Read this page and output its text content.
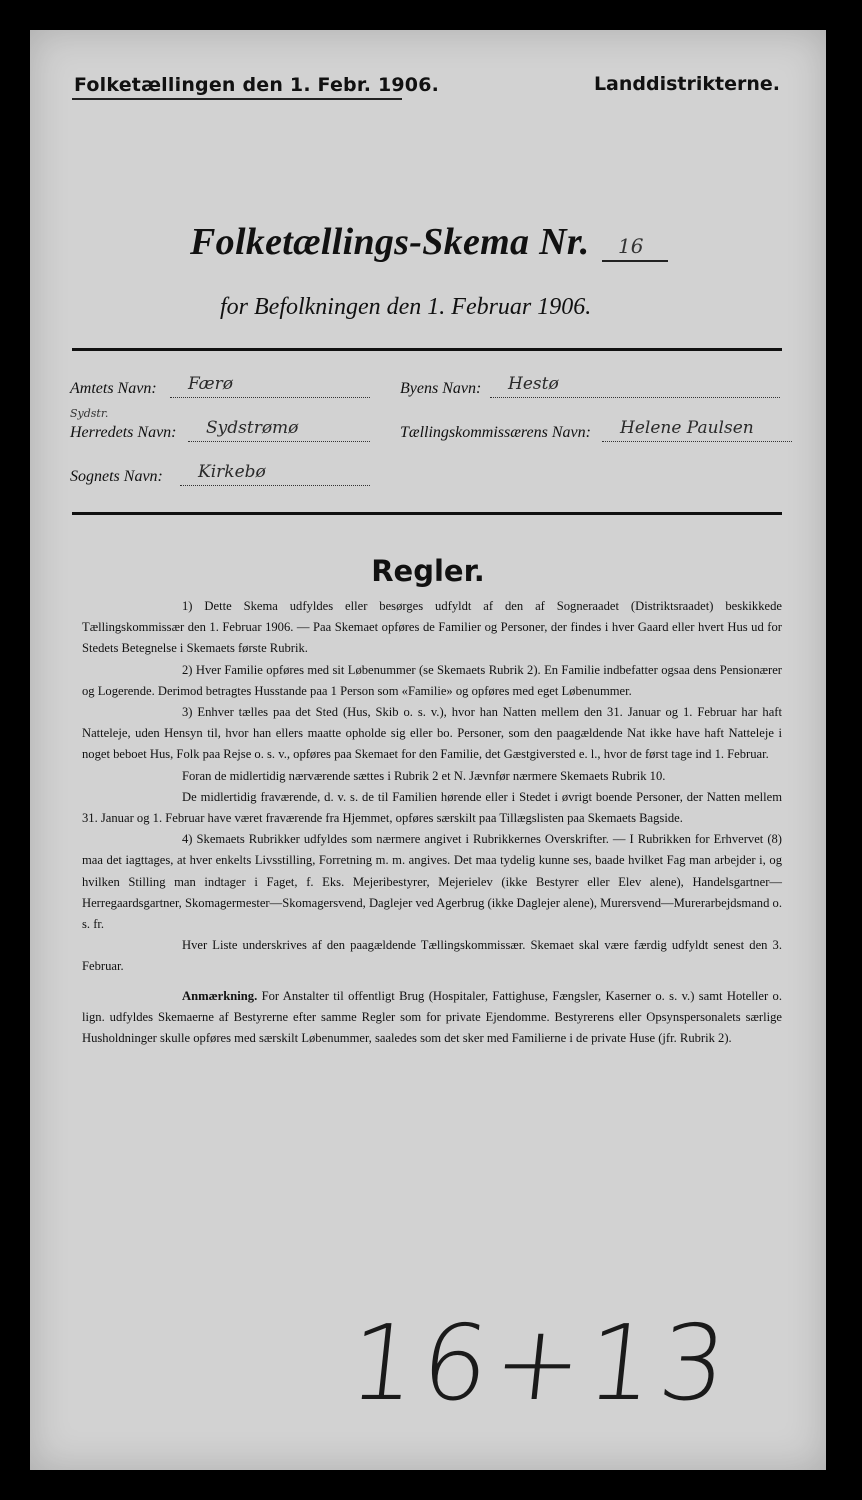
Folketællingen den 1. Febr. 1906.	Landdistrikterne.
Folketællings-Skema Nr.	16
for Befolkningen den 1. Februar 1906.
Amtets Navn:	Færø	Byens Navn:	Hestø
Sydstr.
Herredets Navn:	Sydstrømø	Tællingskommissærens Navn:	Helene Paulsen
Sognets Navn:	Kirkebø
Regler.

1) Dette Skema udfyldes eller besørges udfyldt af den af Sogneraadet (Distriktsraadet) beskikkede Tællingskommissær den 1. Februar 1906. — Paa Skemaet opføres de Familier og Personer, der findes i hver Gaard eller hvert Hus ud for Stedets Betegnelse i Skemaets første Rubrik.

2) Hver Familie opføres med sit Løbenummer (se Skemaets Rubrik 2). En Familie indbefatter ogsaa dens Pensionærer og Logerende. Derimod betragtes Husstande paa 1 Person som «Familie» og opføres med eget Løbenummer.

3) Enhver tælles paa det Sted (Hus, Skib o. s. v.), hvor han Natten mellem den 31. Januar og 1. Februar har haft Natteleje, uden Hensyn til, hvor han ellers maatte opholde sig eller bo. Personer, som den paagældende Nat ikke have haft Natteleje i noget beboet Hus, Folk paa Rejse o. s. v., opføres paa Skemaet for den Familie, det Gæstgiversted e. l., hvor de først tage ind 1. Februar.

Foran de midlertidig nærværende sættes i Rubrik 2 et N. Jævnfør nærmere Skemaets Rubrik 10.

De midlertidig fraværende, d. v. s. de til Familien hørende eller i Stedet i øvrigt boende Personer, der Natten mellem 31. Januar og 1. Februar have været fraværende fra Hjemmet, opføres særskilt paa Tillægslisten paa Skemaets Bagside.

4) Skemaets Rubrikker udfyldes som nærmere angivet i Rubrikkernes Overskrifter. — I Rubrikken for Erhvervet (8) maa det iagttages, at hver enkelts Livsstilling, Forretning m. m. angives. Det maa tydelig kunne ses, baade hvilket Fag man arbejder i, og hvilken Stilling man indtager i Faget, f. Eks. Mejeribestyrer, Mejerielev (ikke Bestyrer eller Elev alene), Handelsgartner—Herregaardsgartner, Skomagermester—Skomagersvend, Daglejer ved Agerbrug (ikke Daglejer alene), Murersvend—Murerarbejdsmand o. s. fr.

Hver Liste underskrives af den paagældende Tællingskommissær. Skemaet skal være færdig udfyldt senest den 3. Februar.

Anmærkning. For Anstalter til offentligt Brug (Hospitaler, Fattighuse, Fængsler, Kaserner o. s. v.) samt Hoteller o. lign. udfyldes Skemaerne af Bestyrerne efter samme Regler som for private Ejendomme. Bestyrerens eller Opsynspersonalets særlige Husholdninger skulle opføres med særskilt Løbenummer, saaledes som det sker med Familierne i de private Huse (jfr. Rubrik 2).

16+13
